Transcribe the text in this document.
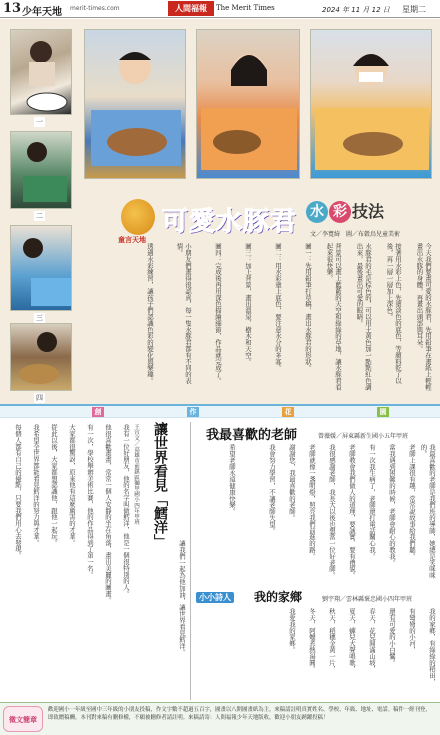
13 少年天地 merit-times.com	人間福報	The Merit Times	2024 年 11 月 12 日 星期二
一
二
三
四
童言天地
可愛水豚君 水 彩 技法
文／李寬綺　圖／布穀鳥兒童美術
今天我們要畫可愛的水豚君，先用鉛筆在畫紙上輕輕畫出水豚的身體，再畫出頭部與耳朵。
接著用水彩上色，先塗淡色的底色，等顏料乾了以後，再一層一層加上深色。
水豚君的毛是棕色的，可以用土黃色加一點點紅色調出來，最後畫出可愛的眼睛。
背景可以畫上藍藍的天空和綠綠的草地，讓水豚君看起來很快樂。
圖一：先用鉛筆打草稿，畫出水豚君的形狀。
圖二：用水彩塗上底色，要注意水分的多寡。
圖三：加上背景，畫出溫泉、樹木和天空。
圖四：完成後再用深色描繪細節，作品就完成了。
小朋友們畫得很認真，每一隻水豚君都有不同的表情。
透過水彩練習，讓孩子們認識色彩的變化與樂趣。
創	作	花	園
讓世界看見「鱈洋」
王宣文／高雄市前鎮區獅甲國小四年甲班
我有一位好朋友，他的名字叫做鱈洋，他是一個很特別的人。
他很喜歡畫畫，常常一個人安靜的坐在角落，畫出美麗的圖畫。
有一次，學校舉辦美術比賽，他的作品得到了第一名。
大家都很驚訝，原來他有這麼厲害的才華。
從此以後，大家都想認識他，跟他一起玩。
我希望全世界都能看見鱈洋的努力與才華。
每個人都有自己的優點，只要我們用心去發現。
讓我們一起為他加油，讓世界看見鱈洋。
我最喜歡的老師	曾薇媛／屏東縣新生國小五年甲班
我最喜歡的老師是我們班的導師，她總是笑咪咪的。
老師上課很有趣，常常說故事給我們聽。
當我遇到困難的時候，老師會耐心的教我。
有一次我生病了，老師還打電話關心我。
老師教會我們做人的道理，要誠實、要有禮貌。
我很感謝老師，我長大以後也想當一位好老師。
老師就像一盞明燈，照亮我們前進的路。
謝謝您，我最喜歡的老師。
我會努力學習，不讓老師失望。
希望老師永遠健康快樂。
小小詩人 我的家鄉	劉宇翔／雲林縣褒忠國小四年甲班
我的家鄉，有綠綠的稻田，
有彎彎的小河，
還有可愛的小白鷺。
春天，花兒開滿山坡，
夏天，蟬兒大聲唱歌，
秋天，稻穗金黃一片，
冬天，阿嬤煮熱湯圓。
我愛我的家鄉。
徵文簡章
歡迎國小一年級至國中三年級的小朋友投稿，作文字數不超過五百字，圖畫以八開圖畫紙為主。來稿請註明真實姓名、學校、年級、地址、電話。稿件一經刊登，即致贈稿酬。本刊對來稿有刪修權，不願被刪修者請註明。來稿請寄：人間福報少年天地版收。歡迎小朋友踴躍投稿！
